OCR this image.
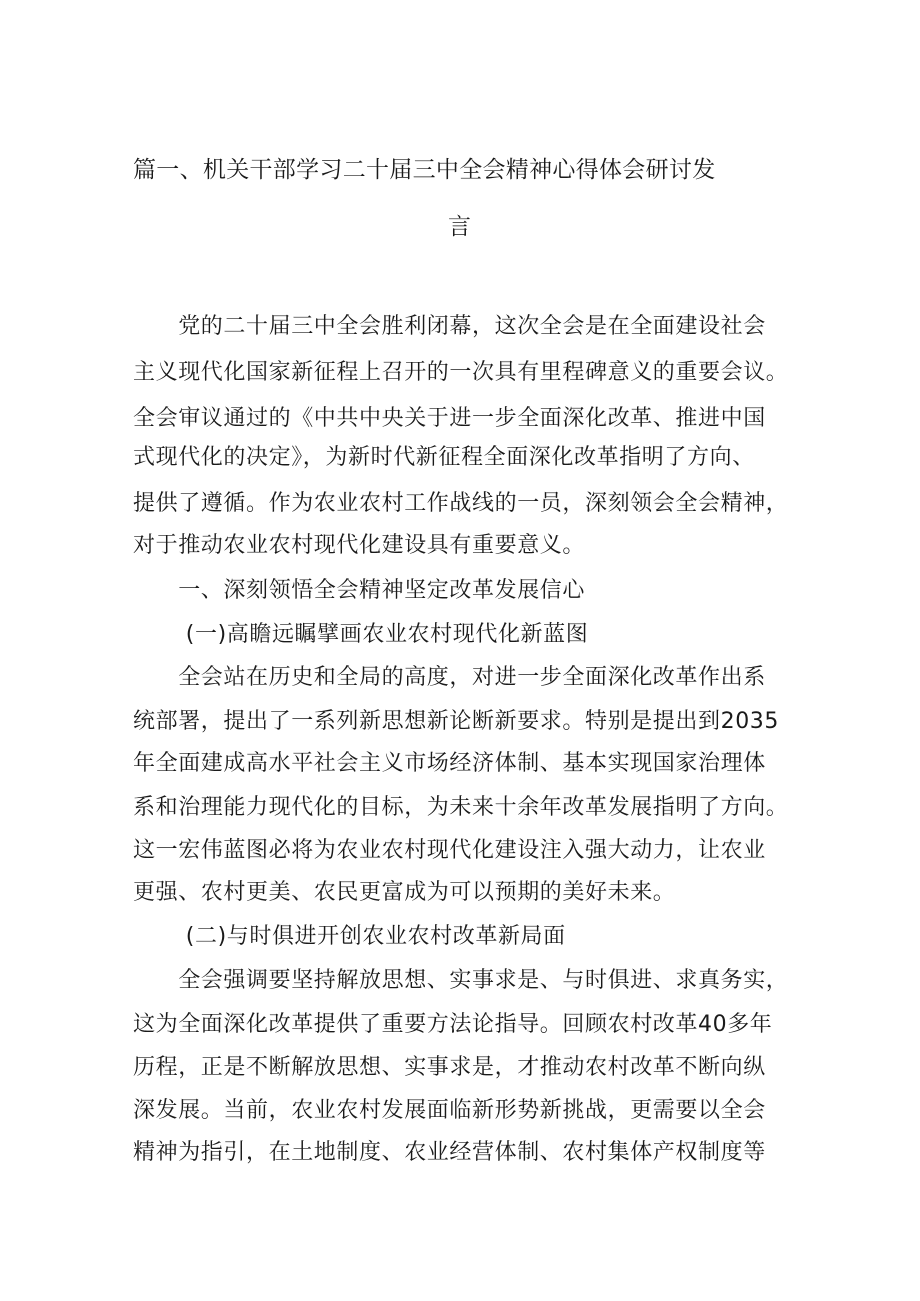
篇一、机关干部学习二十届三中全会精神心得体会研讨发
言
　　党的二十届三中全会胜利闭幕，这次全会是在全面建设社会
主义现代化国家新征程上召开的一次具有里程碑意义的重要会议。
全会审议通过的《中共中央关于进一步全面深化改革、推进中国
式现代化的决定》，为新时代新征程全面深化改革指明了方向、
提供了遵循。作为农业农村工作战线的一员，深刻领会全会精神，
对于推动农业农村现代化建设具有重要意义。
　　一、深刻领悟全会精神坚定改革发展信心
　　 (一)高瞻远瞩擘画农业农村现代化新蓝图
　　全会站在历史和全局的高度，对进一步全面深化改革作出系
统部署，提出了一系列新思想新论断新要求。特别是提出到2035
年全面建成高水平社会主义市场经济体制、基本实现国家治理体
系和治理能力现代化的目标，为未来十余年改革发展指明了方向。
这一宏伟蓝图必将为农业农村现代化建设注入强大动力，让农业
更强、农村更美、农民更富成为可以预期的美好未来。
　　 (二)与时俱进开创农业农村改革新局面
　　全会强调要坚持解放思想、实事求是、与时俱进、求真务实，
这为全面深化改革提供了重要方法论指导。回顾农村改革40多年
历程，正是不断解放思想、实事求是，才推动农村改革不断向纵
深发展。当前，农业农村发展面临新形势新挑战，更需要以全会
精神为指引，在土地制度、农业经营体制、农村集体产权制度等
